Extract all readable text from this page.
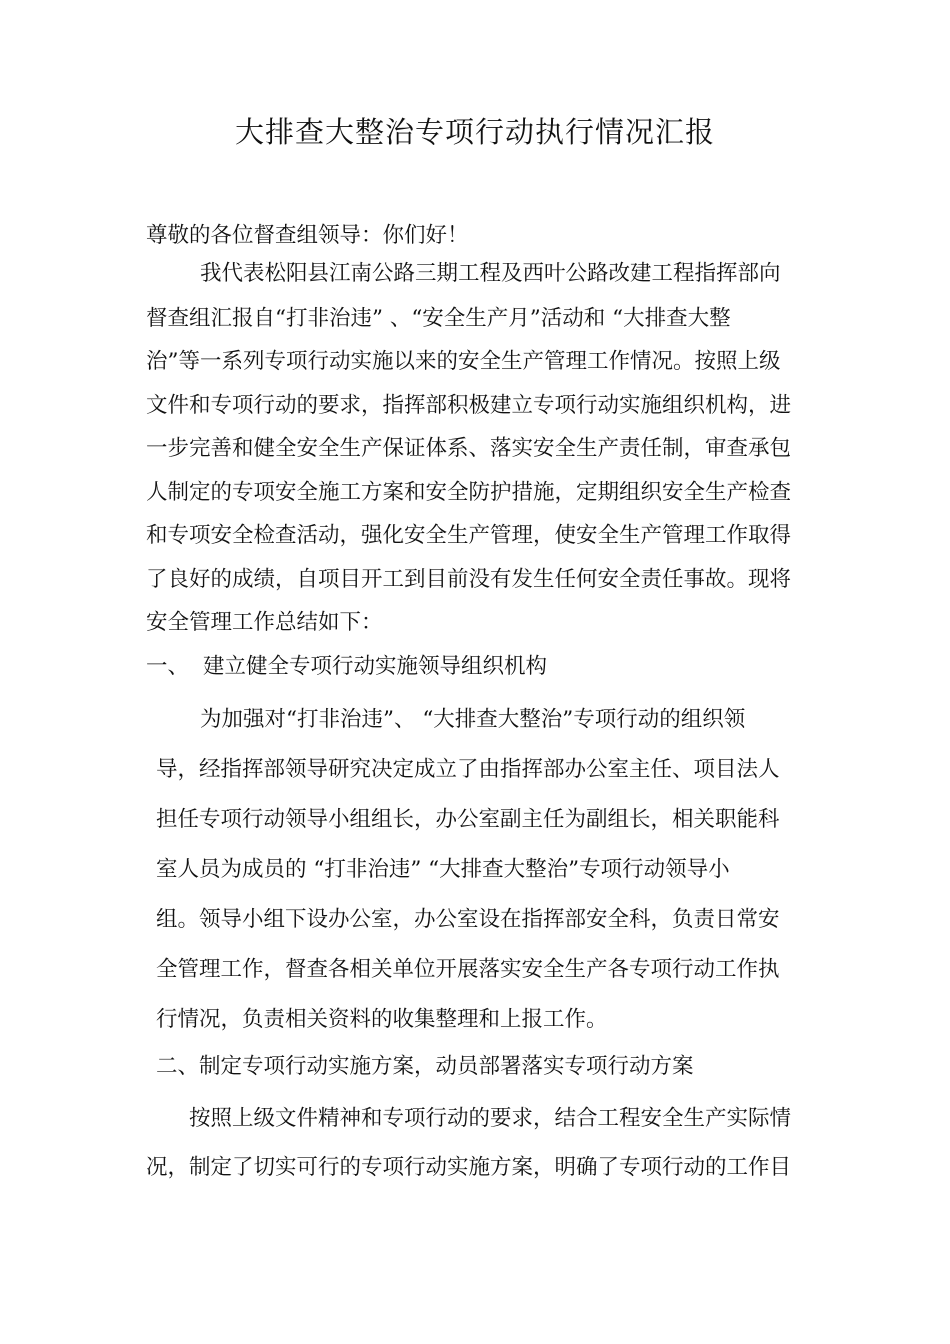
大排查大整治专项行动执行情况汇报

尊敬的各位督查组领导：你们好！

我代表松阳县江南公路三期工程及西叶公路改建工程指挥部向

督查组汇报自“打非治违” 、“安全生产月”活动和 “大排查大整

治”等一系列专项行动实施以来的安全生产管理工作情况。按照上级

文件和专项行动的要求，指挥部积极建立专项行动实施组织机构，进

一步完善和健全安全生产保证体系、落实安全生产责任制，审查承包

人制定的专项安全施工方案和安全防护措施，定期组织安全生产检查

和专项安全检查活动，强化安全生产管理，使安全生产管理工作取得

了良好的成绩，自项目开工到目前没有发生任何安全责任事故。现将

安全管理工作总结如下：

一、 建立健全专项行动实施领导组织机构

为加强对“打非治违”、 “大排查大整治”专项行动的组织领

导，经指挥部领导研究决定成立了由指挥部办公室主任、项目法人

担任专项行动领导小组组长，办公室副主任为副组长，相关职能科

室人员为成员的 “打非治违” “大排查大整治”专项行动领导小

组。领导小组下设办公室，办公室设在指挥部安全科，负责日常安

全管理工作，督查各相关单位开展落实安全生产各专项行动工作执

行情况，负责相关资料的收集整理和上报工作。

二、制定专项行动实施方案，动员部署落实专项行动方案

按照上级文件精神和专项行动的要求，结合工程安全生产实际情

况，制定了切实可行的专项行动实施方案，明确了专项行动的工作目
